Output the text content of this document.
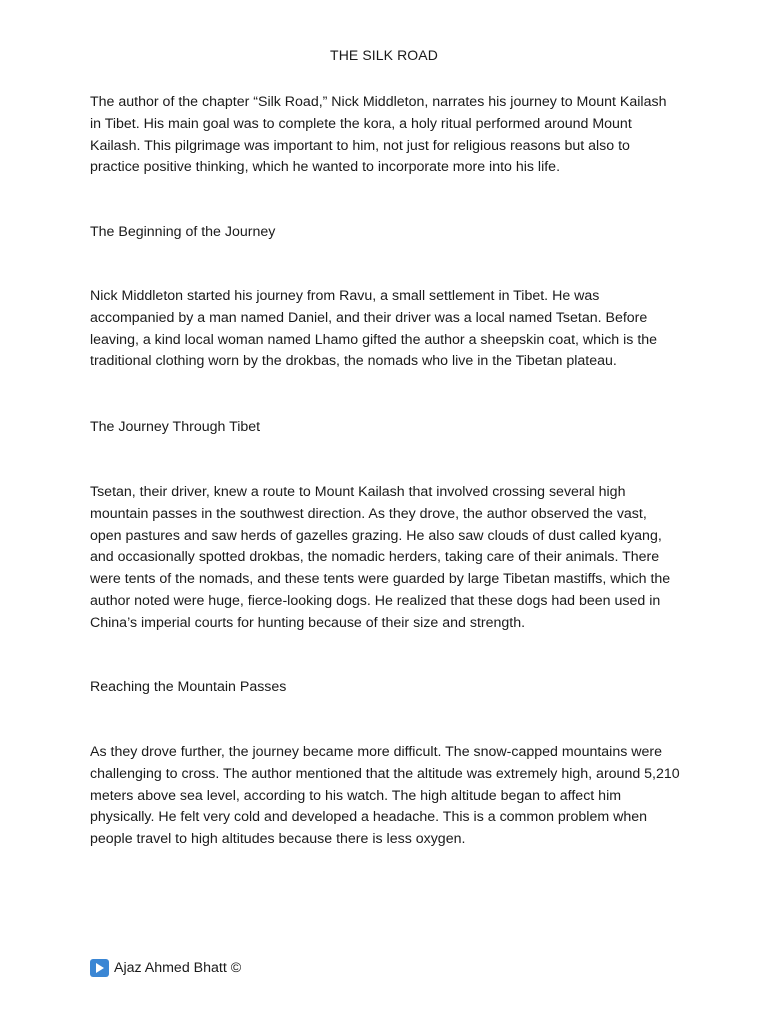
THE SILK ROAD

The author of the chapter “Silk Road,” Nick Middleton, narrates his journey to Mount Kailash in Tibet. His main goal was to complete the kora, a holy ritual performed around Mount Kailash. This pilgrimage was important to him, not just for religious reasons but also to practice positive thinking, which he wanted to incorporate more into his life.

The Beginning of the Journey

Nick Middleton started his journey from Ravu, a small settlement in Tibet. He was accompanied by a man named Daniel, and their driver was a local named Tsetan. Before leaving, a kind local woman named Lhamo gifted the author a sheepskin coat, which is the traditional clothing worn by the drokbas, the nomads who live in the Tibetan plateau.

The Journey Through Tibet

Tsetan, their driver, knew a route to Mount Kailash that involved crossing several high mountain passes in the southwest direction. As they drove, the author observed the vast, open pastures and saw herds of gazelles grazing. He also saw clouds of dust called kyang, and occasionally spotted drokbas, the nomadic herders, taking care of their animals. There were tents of the nomads, and these tents were guarded by large Tibetan mastiffs, which the author noted were huge, fierce-looking dogs. He realized that these dogs had been used in China’s imperial courts for hunting because of their size and strength.

Reaching the Mountain Passes

As they drove further, the journey became more difficult. The snow-capped mountains were challenging to cross. The author mentioned that the altitude was extremely high, around 5,210 meters above sea level, according to his watch. The high altitude began to affect him physically. He felt very cold and developed a headache. This is a common problem when people travel to high altitudes because there is less oxygen.

Ajaz Ahmed Bhatt ©
